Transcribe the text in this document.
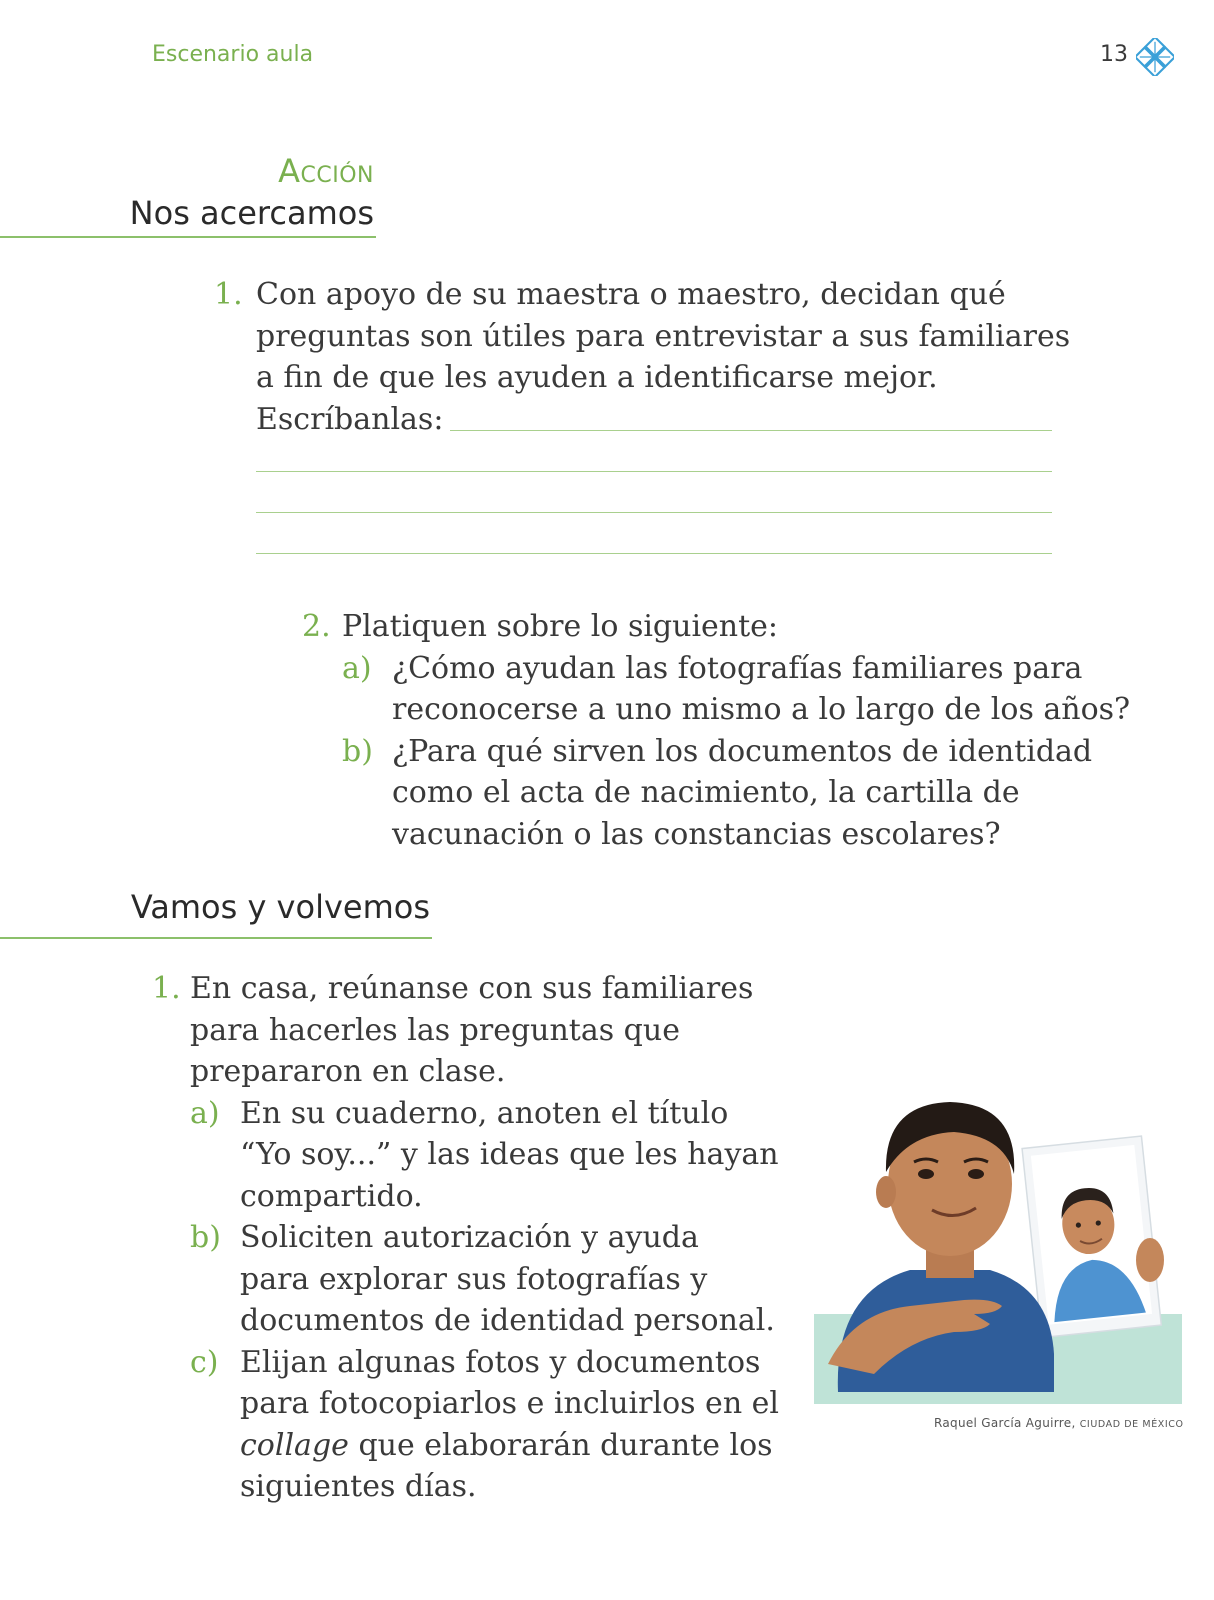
Escenario aula	13
Acción
Nos acercamos
1. Con apoyo de su maestra o maestro, decidan qué
preguntas son útiles para entrevistar a sus familiares
a fin de que les ayuden a identificarse mejor.
Escríbanlas:
2. Platiquen sobre lo siguiente:
a) ¿Cómo ayudan las fotografías familiares para
reconocerse a uno mismo a lo largo de los años?
b) ¿Para qué sirven los documentos de identidad
como el acta de nacimiento, la cartilla de
vacunación o las constancias escolares?
Vamos y volvemos
1. En casa, reúnanse con sus familiares
para hacerles las preguntas que
prepararon en clase.
a) En su cuaderno, anoten el título
“Yo soy...” y las ideas que les hayan
compartido.
b) Soliciten autorización y ayuda
para explorar sus fotografías y
documentos de identidad personal.
c) Elijan algunas fotos y documentos
para fotocopiarlos e incluirlos en el
collage que elaborarán durante los
siguientes días.
Raquel García Aguirre, CIUDAD DE MÉXICO
